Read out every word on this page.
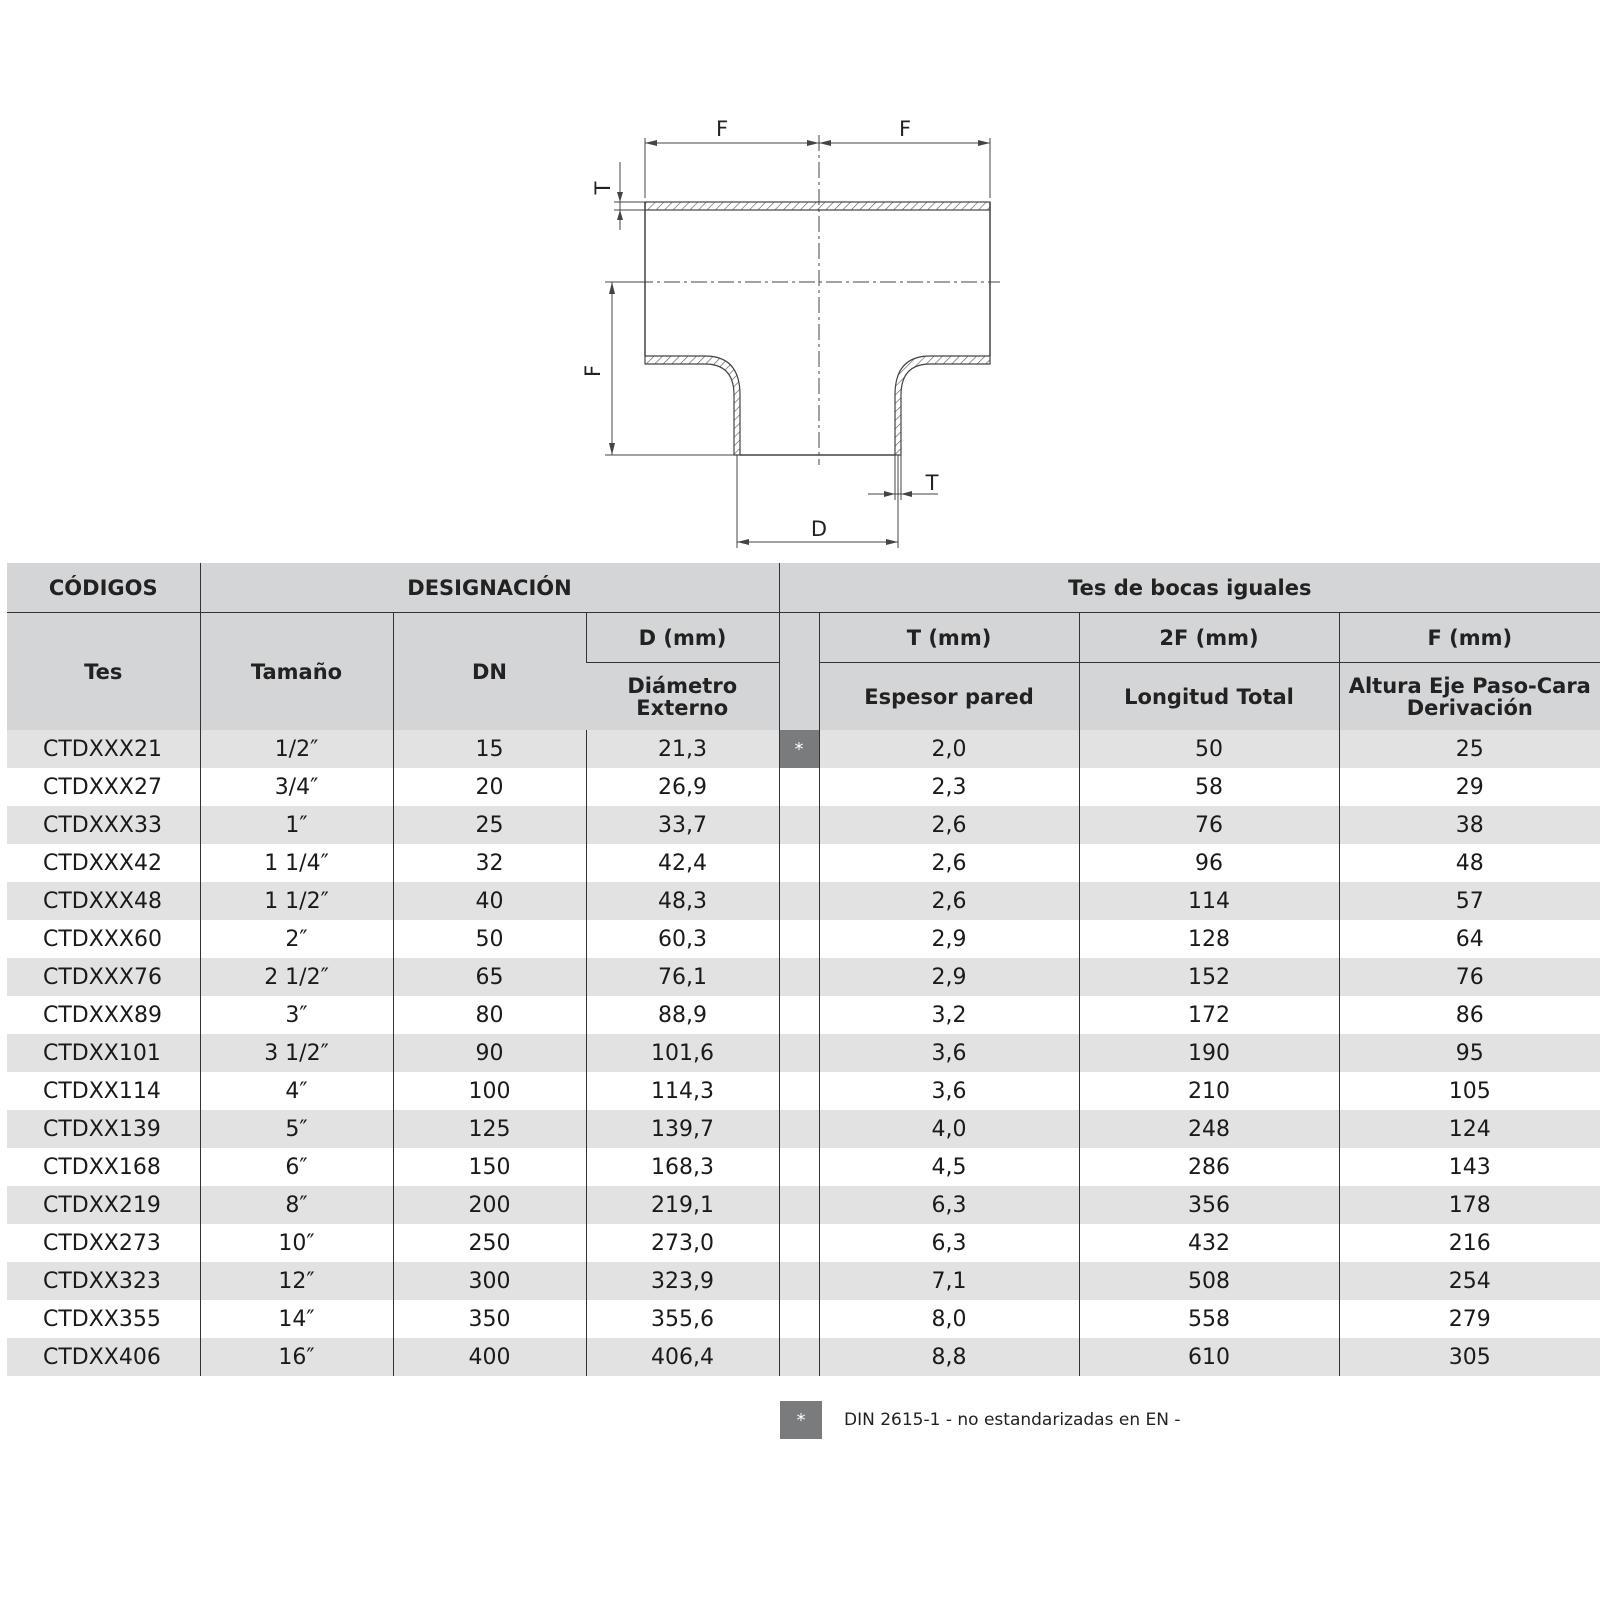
F	F
T
F
D
T
CÓDIGOS	DESIGNACIÓN			Tes de bocas iguales			
Tes	Tamaño	DN	D (mm)		T (mm)	2F (mm)	F (mm)
			Diámetro Externo		Espesor pared	Longitud Total	Altura Eje Paso-Cara Derivación
CTDXXX21	1/2″	15	21,3	*	2,0	50	25
CTDXXX27	3/4″	20	26,9		2,3	58	29
CTDXXX33	1″	25	33,7		2,6	76	38
CTDXXX42	1 1/4″	32	42,4		2,6	96	48
CTDXXX48	1 1/2″	40	48,3		2,6	114	57
CTDXXX60	2″	50	60,3		2,9	128	64
CTDXXX76	2 1/2″	65	76,1		2,9	152	76
CTDXXX89	3″	80	88,9		3,2	172	86
CTDXX101	3 1/2″	90	101,6		3,6	190	95
CTDXX114	4″	100	114,3		3,6	210	105
CTDXX139	5″	125	139,7		4,0	248	124
CTDXX168	6″	150	168,3		4,5	286	143
CTDXX219	8″	200	219,1		6,3	356	178
CTDXX273	10″	250	273,0		6,3	432	216
CTDXX323	12″	300	323,9		7,1	508	254
CTDXX355	14″	350	355,6		8,0	558	279
CTDXX406	16″	400	406,4		8,8	610	305
*	DIN 2615-1 - no estandarizadas en EN -
